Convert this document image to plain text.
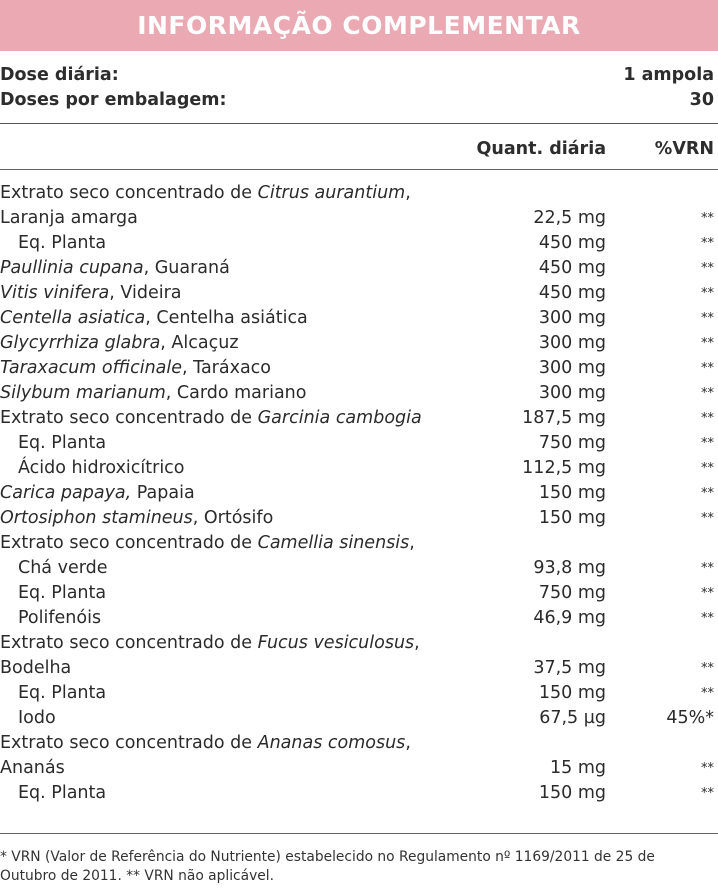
INFORMAÇÃO COMPLEMENTAR
Dose diária:	1 ampola
Doses por embalagem:	30
Quant. diária	%VRN
Extrato seco concentrado de Citrus aurantium,
Laranja amarga	22,5 mg	**
Eq. Planta	450 mg	**
Paullinia cupana, Guaraná	450 mg	**
Vitis vinifera, Videira	450 mg	**
Centella asiatica, Centelha asiática	300 mg	**
Glycyrrhiza glabra, Alcaçuz	300 mg	**
Taraxacum officinale, Taráxaco	300 mg	**
Silybum marianum, Cardo mariano	300 mg	**
Extrato seco concentrado de Garcinia cambogia	187,5 mg	**
Eq. Planta	750 mg	**
Ácido hidroxicítrico	112,5 mg	**
Carica papaya, Papaia	150 mg	**
Ortosiphon stamineus, Ortósifo	150 mg	**
Extrato seco concentrado de Camellia sinensis,
Chá verde	93,8 mg	**
Eq. Planta	750 mg	**
Polifenóis	46,9 mg	**
Extrato seco concentrado de Fucus vesiculosus,
Bodelha	37,5 mg	**
Eq. Planta	150 mg	**
Iodo	67,5 µg	45%*
Extrato seco concentrado de Ananas comosus,
Ananás	15 mg	**
Eq. Planta	150 mg	**
* VRN (Valor de Referência do Nutriente) estabelecido no Regulamento nº 1169/2011 de 25 de Outubro de 2011. ** VRN não aplicável.
